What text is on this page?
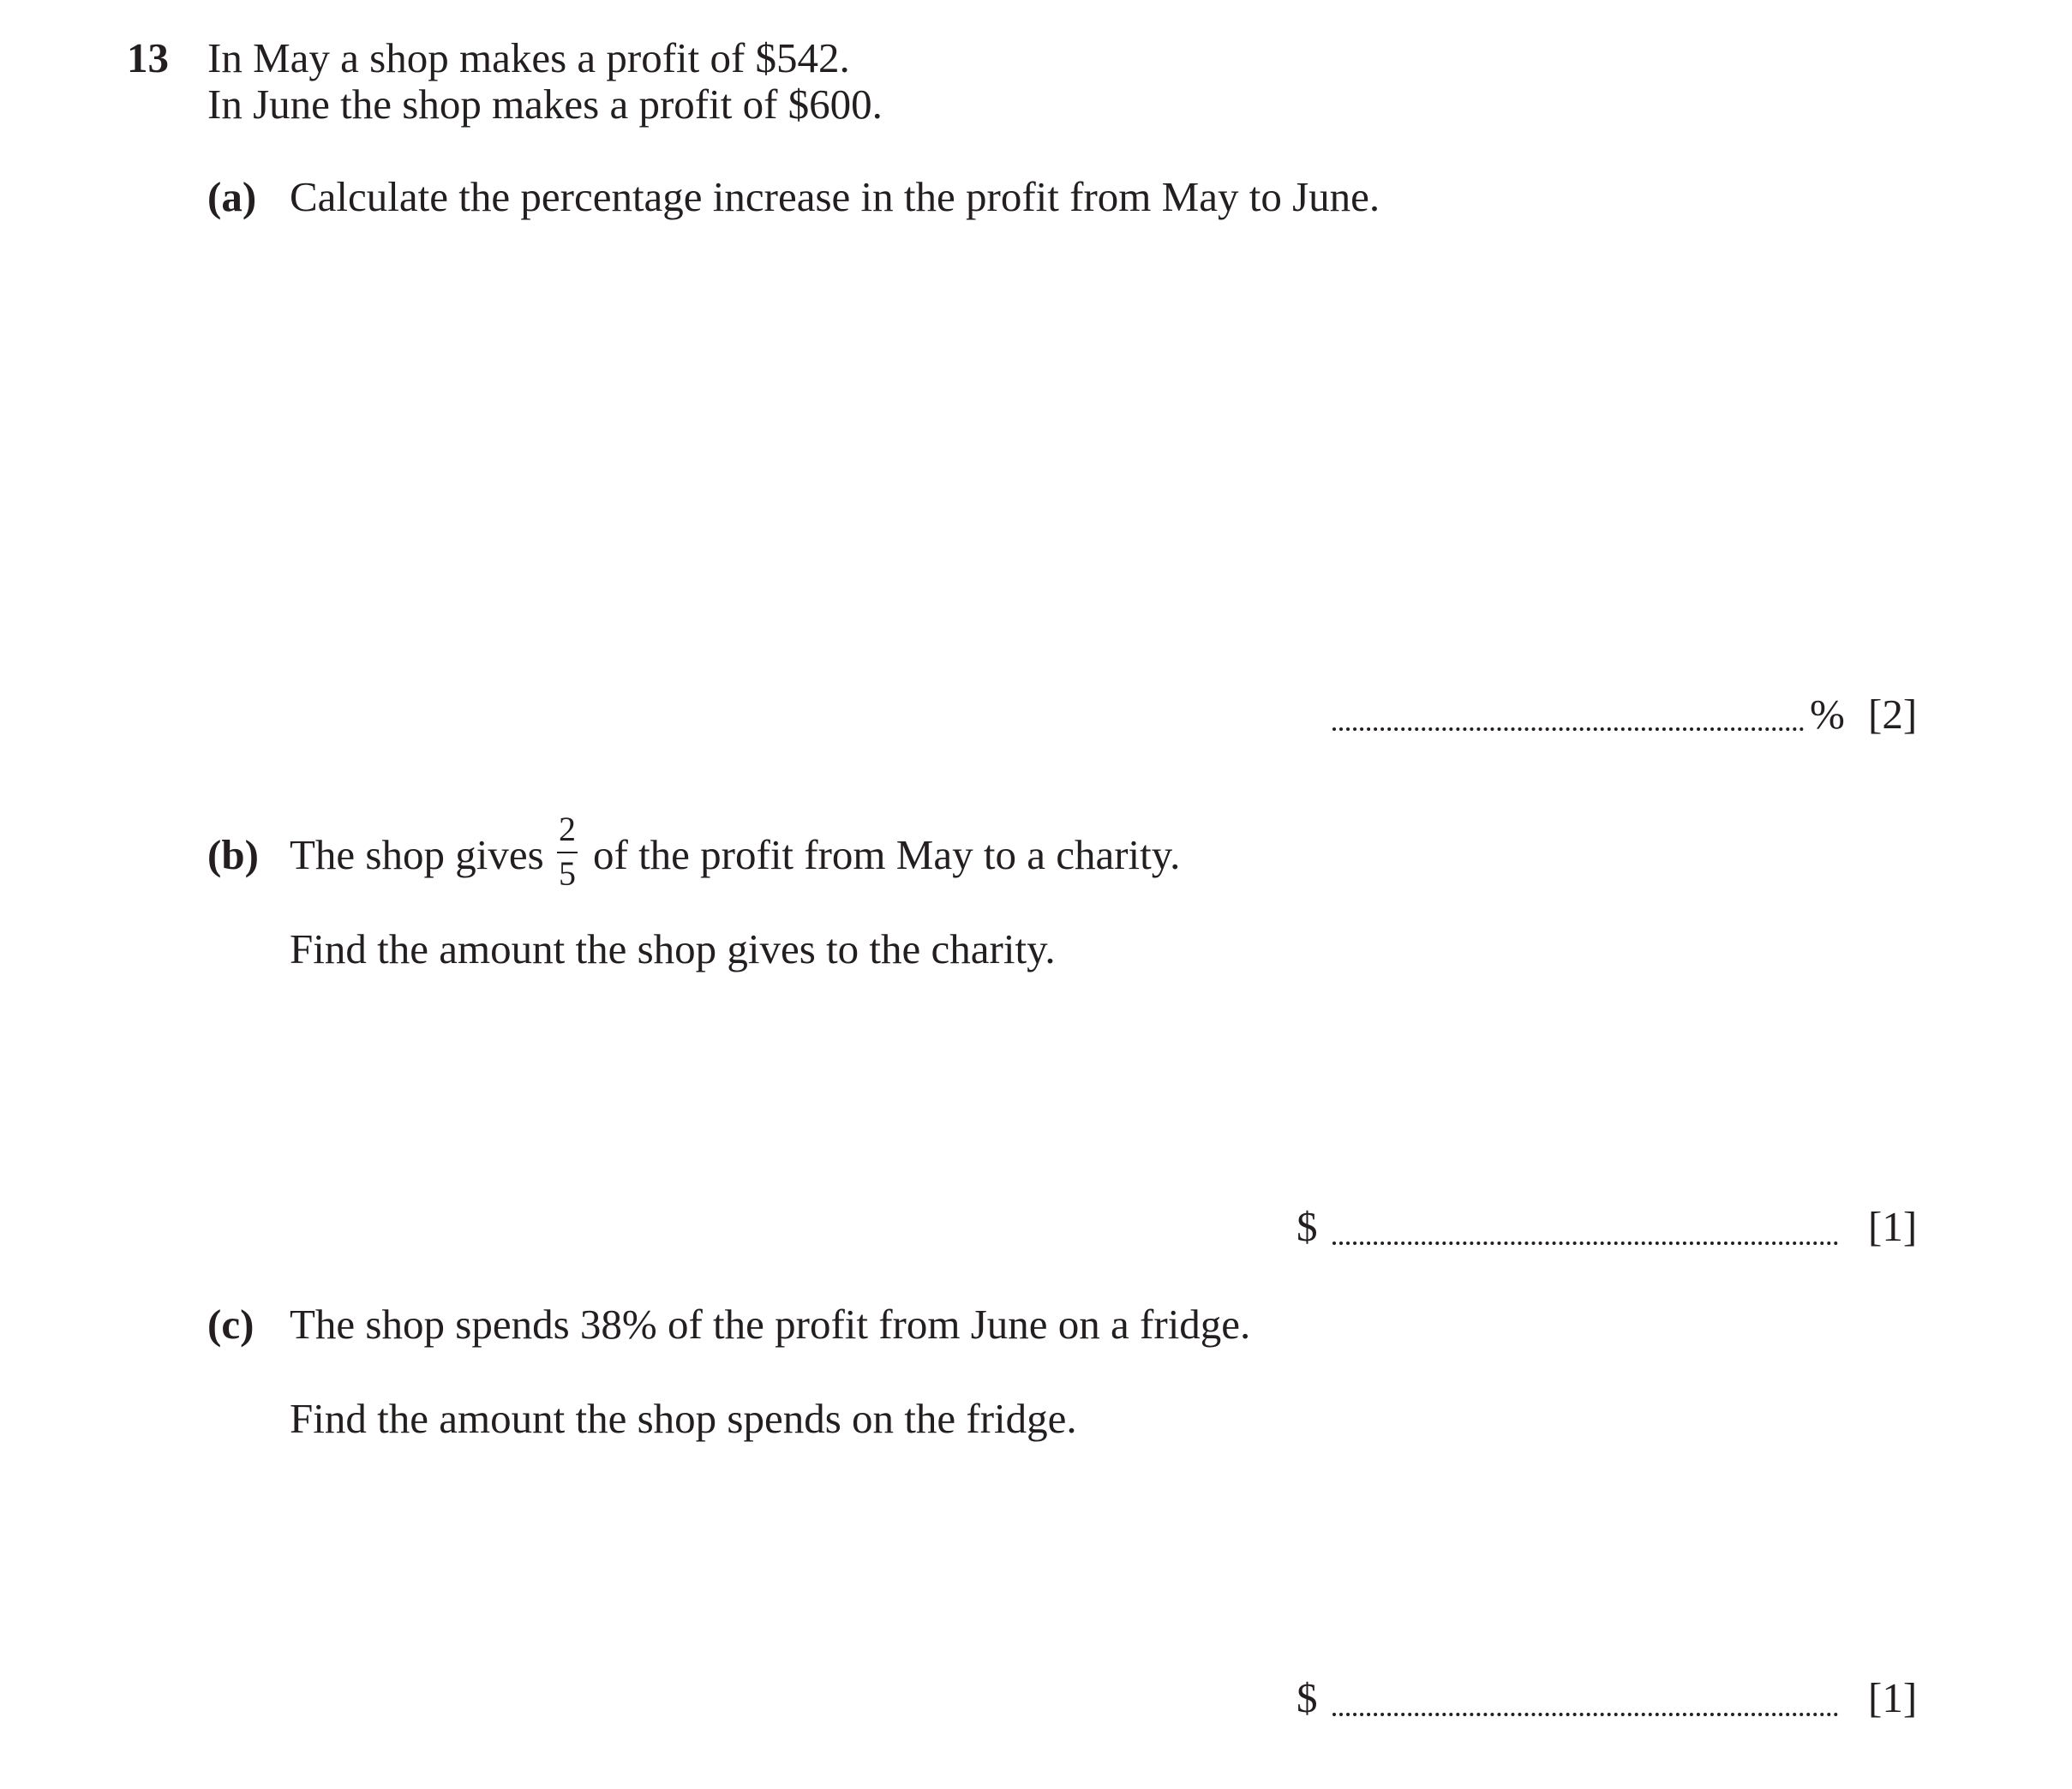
13 In May a shop makes a profit of $542.
In June the shop makes a profit of $600.
(a) Calculate the percentage increase in the profit from May to June.
% [2]
(b) The shop gives
2
5 of the profit from May to a charity.
Find the amount the shop gives to the charity.
$	[1]
(c) The shop spends 38% of the profit from June on a fridge.
Find the amount the shop spends on the fridge.
$	[1]
